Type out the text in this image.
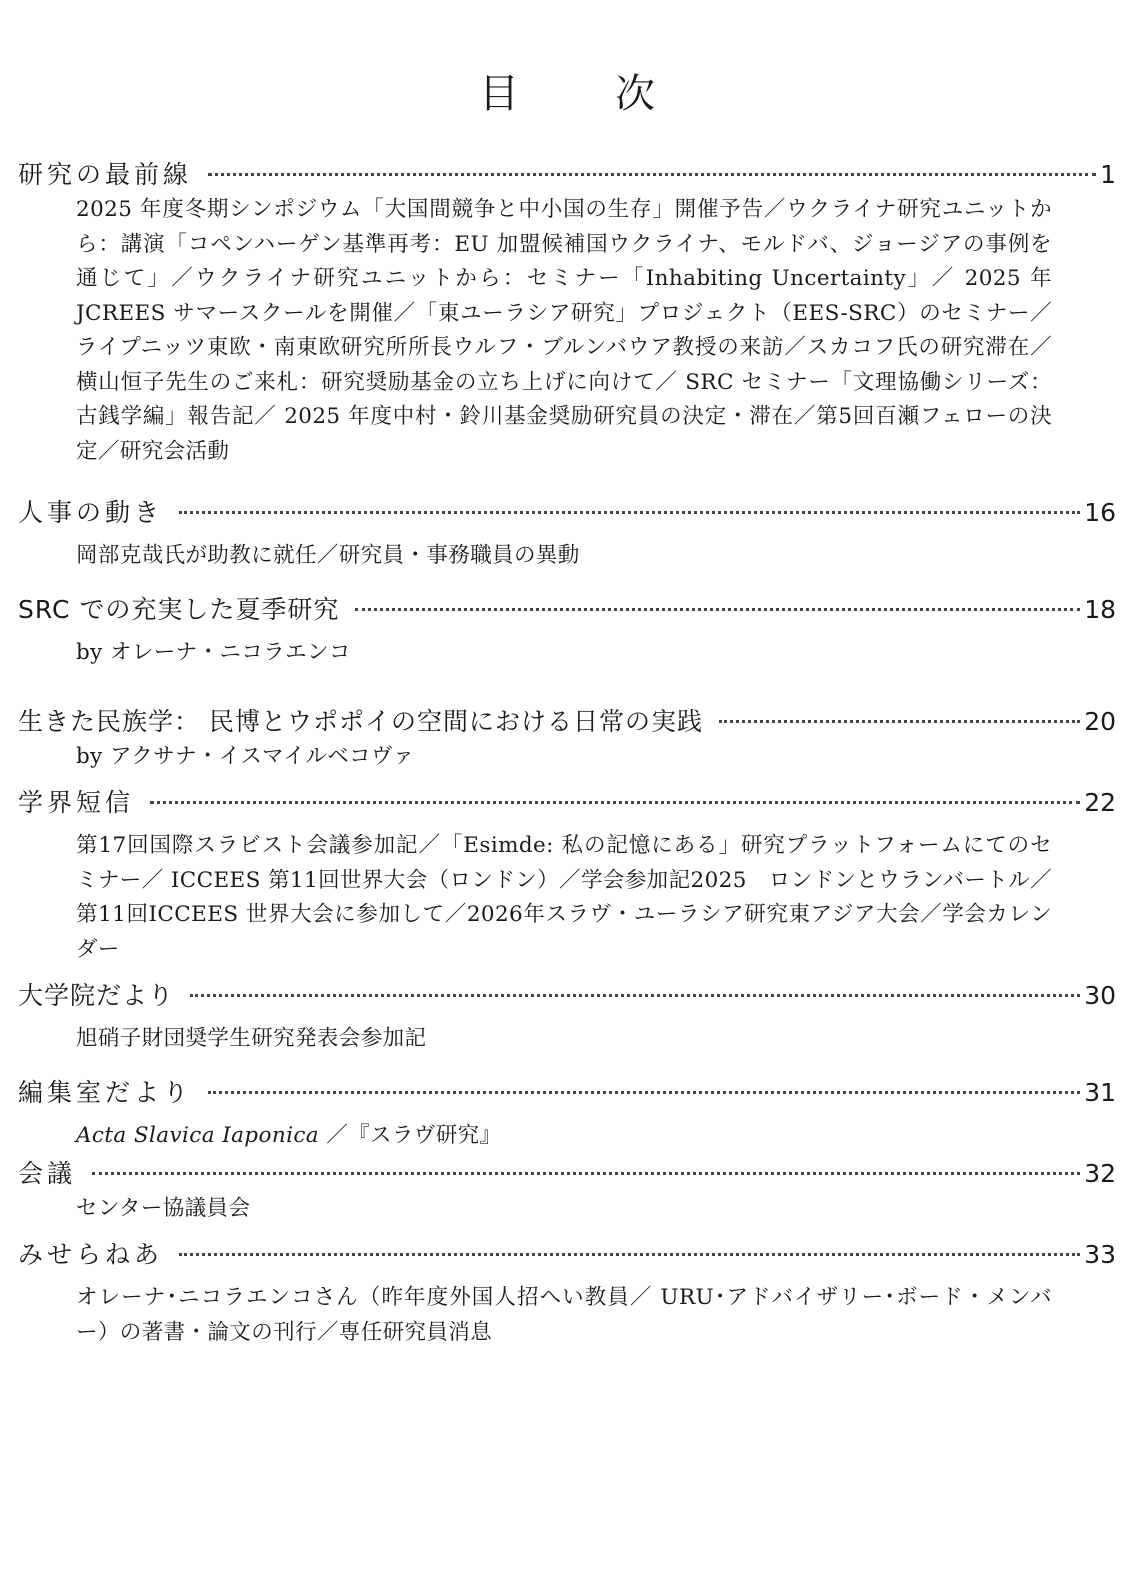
目 次
研究の最前線	1
2025 年度冬期シンポジウム「大国間競争と中小国の生存」開催予告／ウクライナ研究ユニットから：講演「コペンハーゲン基準再考：EU 加盟候補国ウクライナ、モルドバ、ジョージアの事例を通じて」／ウクライナ研究ユニットから：セミナー「Inhabiting Uncertainty」／ 2025 年JCREES サマースクールを開催／「東ユーラシア研究」プロジェクト（EES-SRC）のセミナー／ライプニッツ東欧・南東欧研究所所長ウルフ・ブルンバウア教授の来訪／スカコフ氏の研究滞在／横山恒子先生のご来札：研究奨励基金の立ち上げに向けて／ SRC セミナー「文理協働シリーズ：古銭学編」報告記／ 2025 年度中村・鈴川基金奨励研究員の決定・滞在／第5回百瀬フェローの決定／研究会活動
人事の動き	16
岡部克哉氏が助教に就任／研究員・事務職員の異動
SRC での充実した夏季研究	18
by オレーナ・ニコラエンコ
生きた民族学： 民博とウポポイの空間における日常の実践	20
by アクサナ・イスマイルベコヴァ
学界短信	22
第17回国際スラビスト会議参加記／「Esimde: 私の記憶にある」研究プラットフォームにてのセミナー／ ICCEES 第11回世界大会（ロンドン）／学会参加記2025　ロンドンとウランバートル／第11回ICCEES 世界大会に参加して／2026年スラヴ・ユーラシア研究東アジア大会／学会カレンダー
大学院だより	30
旭硝子財団奨学生研究発表会参加記
編集室だより	31
Acta Slavica Iaponica ／『スラヴ研究』
会議	32
センター協議員会
みせらねあ	33
オレーナ･ニコラエンコさん（昨年度外国人招へい教員／ URU･アドバイザリー･ボード・メンバー）の著書・論文の刊行／専任研究員消息
